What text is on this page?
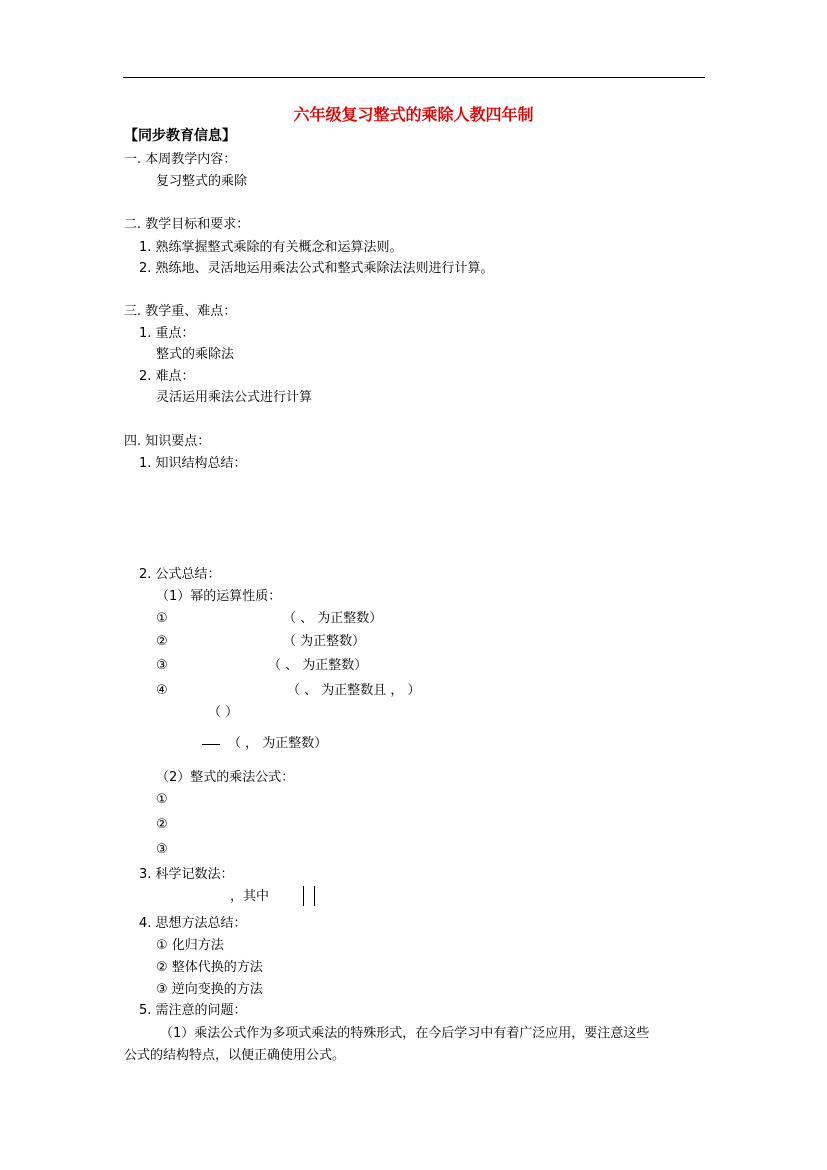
六年级复习整式的乘除人教四年制
【同步教育信息】
一. 本周教学内容：
复习整式的乘除
二. 教学目标和要求：
1. 熟练掌握整式乘除的有关概念和运算法则。
2. 熟练地、灵活地运用乘法公式和整式乘除法法则进行计算。
三. 教学重、难点：
1. 重点：
整式的乘除法
2. 难点：
灵活运用乘法公式进行计算
四. 知识要点：
1. 知识结构总结：
2. 公式总结：
（1）幂的运算性质：
①	（ 、 为正整数）
②	（ 为正整数）
③	（ 、 为正整数）
④	（ 、 为正整数且 ， ）
（ ）
（ ， 为正整数）
（2）整式的乘法公式：
①
②
③
3. 科学记数法：
，其中
4. 思想方法总结：
① 化归方法
② 整体代换的方法
③ 逆向变换的方法
5. 需注意的问题：
（1）乘法公式作为多项式乘法的特殊形式，在今后学习中有着广泛应用，要注意这些
公式的结构特点，以便正确使用公式。
